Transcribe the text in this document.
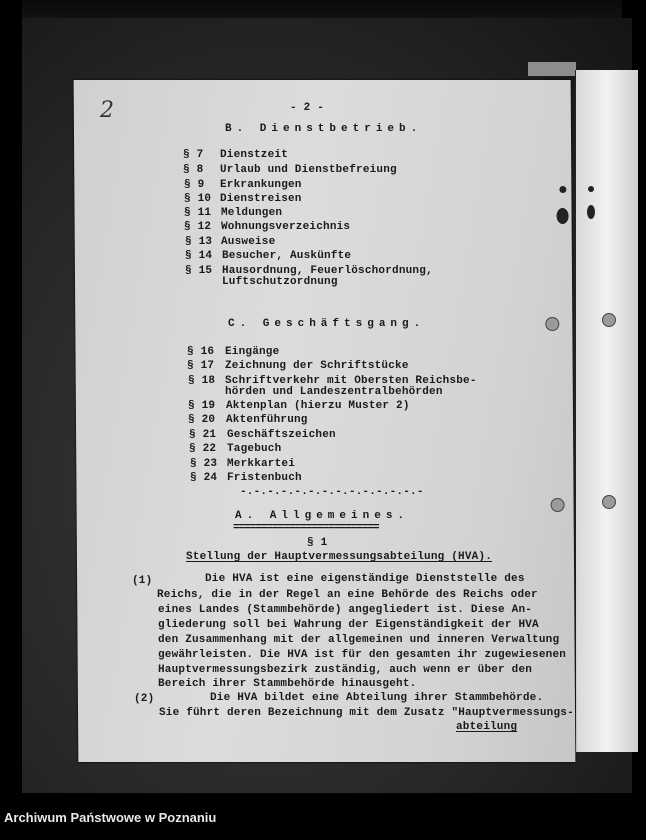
2	- 2 -
B. Dienstbetrieb.
§ 7 Dienstzeit
§ 8 Urlaub und Dienstbefreiung
§ 9 Erkrankungen
§ 10 Dienstreisen
§ 11 Meldungen
§ 12 Wohnungsverzeichnis
§ 13 Ausweise
§ 14 Besucher, Auskünfte
§ 15 Hausordnung, Feuerlöschordnung,
Luftschutzordnung
C. Geschäftsgang.
§ 16 Eingänge
§ 17 Zeichnung der Schriftstücke
§ 18 Schriftverkehr mit Obersten Reichsbe-
hörden und Landeszentralbehörden
§ 19 Aktenplan (hierzu Muster 2)
§ 20 Aktenführung
§ 21 Geschäftszeichen
§ 22 Tagebuch
§ 23 Merkkartei
§ 24 Fristenbuch
-.-.-.-.-.-.-.-.-.-.-.-.-.-
A. Allgemeines.
==========================
§ 1
Stellung der Hauptvermessungsabteilung (HVA).
(1)	Die HVA ist eine eigenständige Dienststelle des
Reichs, die in der Regel an eine Behörde des Reichs oder
eines Landes (Stammbehörde) angegliedert ist. Diese An-
gliederung soll bei Wahrung der Eigenständigkeit der HVA
den Zusammenhang mit der allgemeinen und inneren Verwaltung
gewährleisten. Die HVA ist für den gesamten ihr zugewiesenen
Hauptvermessungsbezirk zuständig, auch wenn er über den
Bereich ihrer Stammbehörde hinausgeht.
(2)	Die HVA bildet eine Abteilung ihrer Stammbehörde.
Sie führt deren Bezeichnung mit dem Zusatz "Hauptvermessungs-
abteilung
Archiwum Państwowe w Poznaniu
